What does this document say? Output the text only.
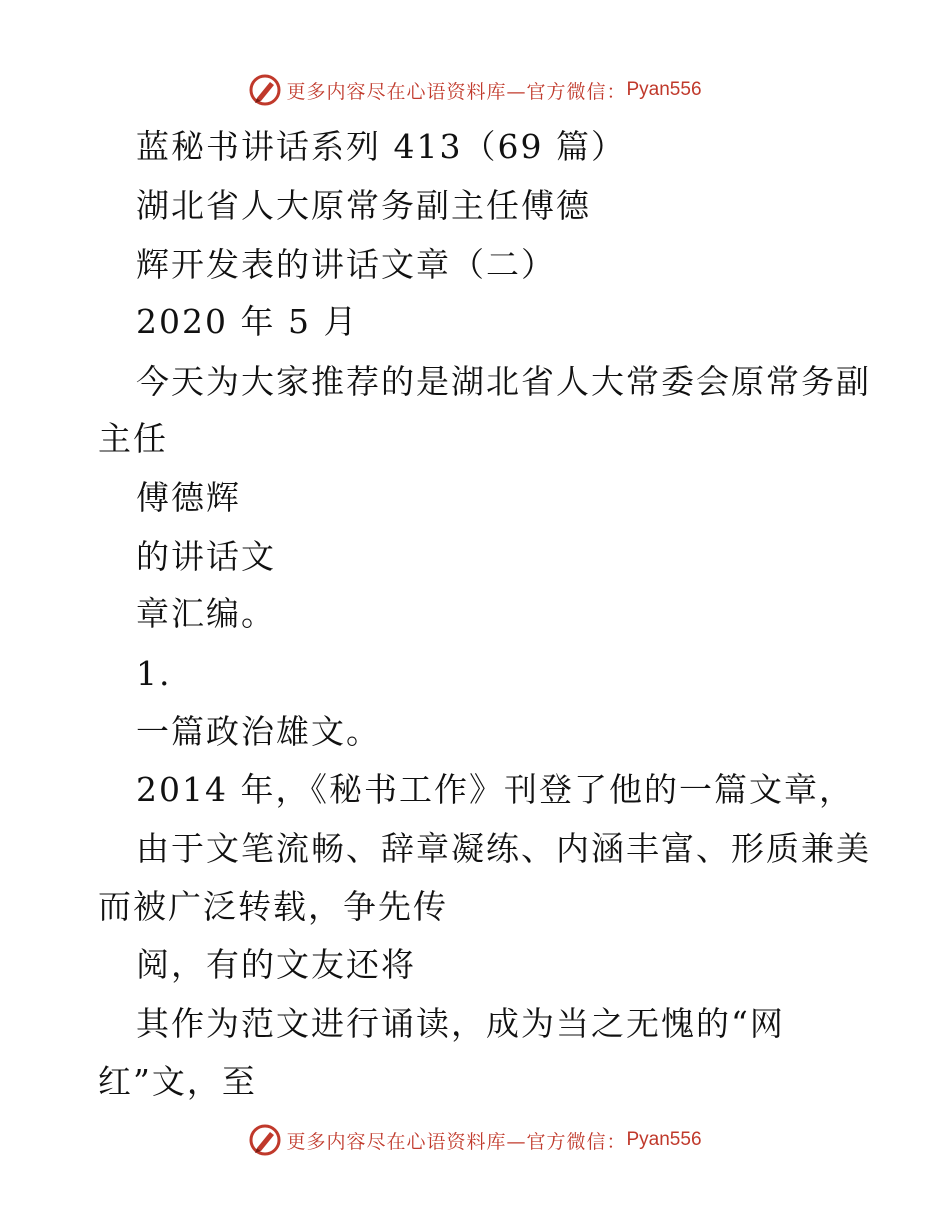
更多内容尽在心语资料库—官方微信： Pyan556
蓝秘书讲话系列 413（69 篇）
湖北省人大原常务副主任傅德
辉开发表的讲话文章（二）
2020 年 5 月
今天为大家推荐的是湖北省人大常委会原常务副
主任
傅德辉
的讲话文
章汇编。
1.
一篇政治雄文。
2014 年，《秘书工作》刊登了他的一篇文章，
由于文笔流畅、辞章凝练、内涵丰富、形质兼美
而被广泛转载，争先传
阅，有的文友还将
其作为范文进行诵读，成为当之无愧的“网
红”文，至
更多内容尽在心语资料库—官方微信： Pyan556
